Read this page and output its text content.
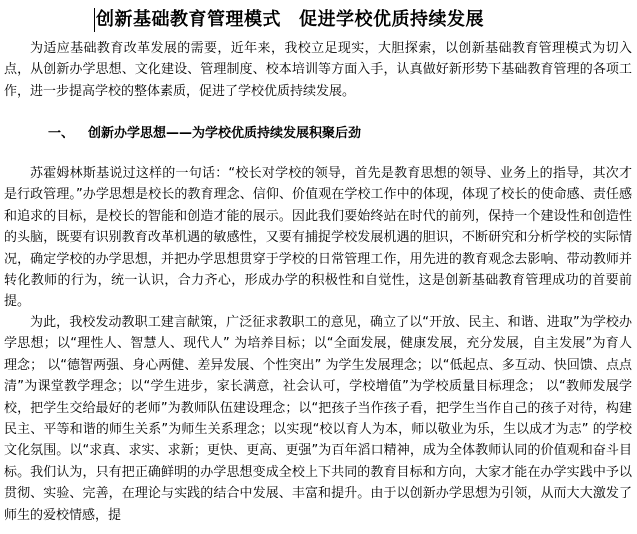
创新基础教育管理模式 促进学校优质持续发展
为适应基础教育改革发展的需要，近年来，我校立足现实，大胆探索，以创新基础教育管理模式为切入点，从创新办学思想、文化建设、管理制度、校本培训等方面入手，认真做好新形势下基础教育管理的各项工作，进一步提高学校的整体素质，促进了学校优质持续发展。
一、 创新办学思想——为学校优质持续发展积聚后劲
苏霍姆林斯基说过这样的一句话：“校长对学校的领导，首先是教育思想的领导、业务上的指导，其次才是行政管理。”办学思想是校长的教育理念、信仰、价值观在学校工作中的体现，体现了校长的使命感、责任感和追求的目标，是校长的智能和创造才能的展示。因此我们要始终站在时代的前列，保持一个建设性和创造性的头脑，既要有识别教育改革机遇的敏感性，又要有捕捉学校发展机遇的胆识，不断研究和分析学校的实际情况，确定学校的办学思想，并把办学思想贯穿于学校的日常管理工作，用先进的教育观念去影响、带动教师并转化教师的行为，统一认识，合力齐心，形成办学的积极性和自觉性，这是创新基础教育管理成功的首要前提。
为此，我校发动教职工建言献策，广泛征求教职工的意见，确立了以“开放、民主、和谐、进取”为学校办学思想；以“理性人、智慧人、现代人” 为培养目标；以“全面发展，健康发展，充分发展，自主发展”为育人理念； 以“德智两强、身心两健、差异发展、个性突出” 为学生发展理念；以“低起点、多互动、快回馈、点点清”为课堂教学理念；以“学生进步，家长满意，社会认可，学校增值”为学校质量目标理念； 以“教师发展学校，把学生交给最好的老师”为教师队伍建设理念；以“把孩子当作孩子看，把学生当作自己的孩子对待，构建民主、平等和谐的师生关系”为师生关系理念；以实现“校以育人为本，师以敬业为乐，生以成才为志” 的学校文化氛围。以“求真、求实、求新；更快、更高、更强”为百年滔口精神，成为全体教师认同的价值观和奋斗目标。我们认为，只有把正确鲜明的办学思想变成全校上下共同的教育目标和方向，大家才能在办学实践中予以贯彻、实验、完善，在理论与实践的结合中发展、丰富和提升。由于以创新办学思想为引领，从而大大激发了师生的爱校情感，提
